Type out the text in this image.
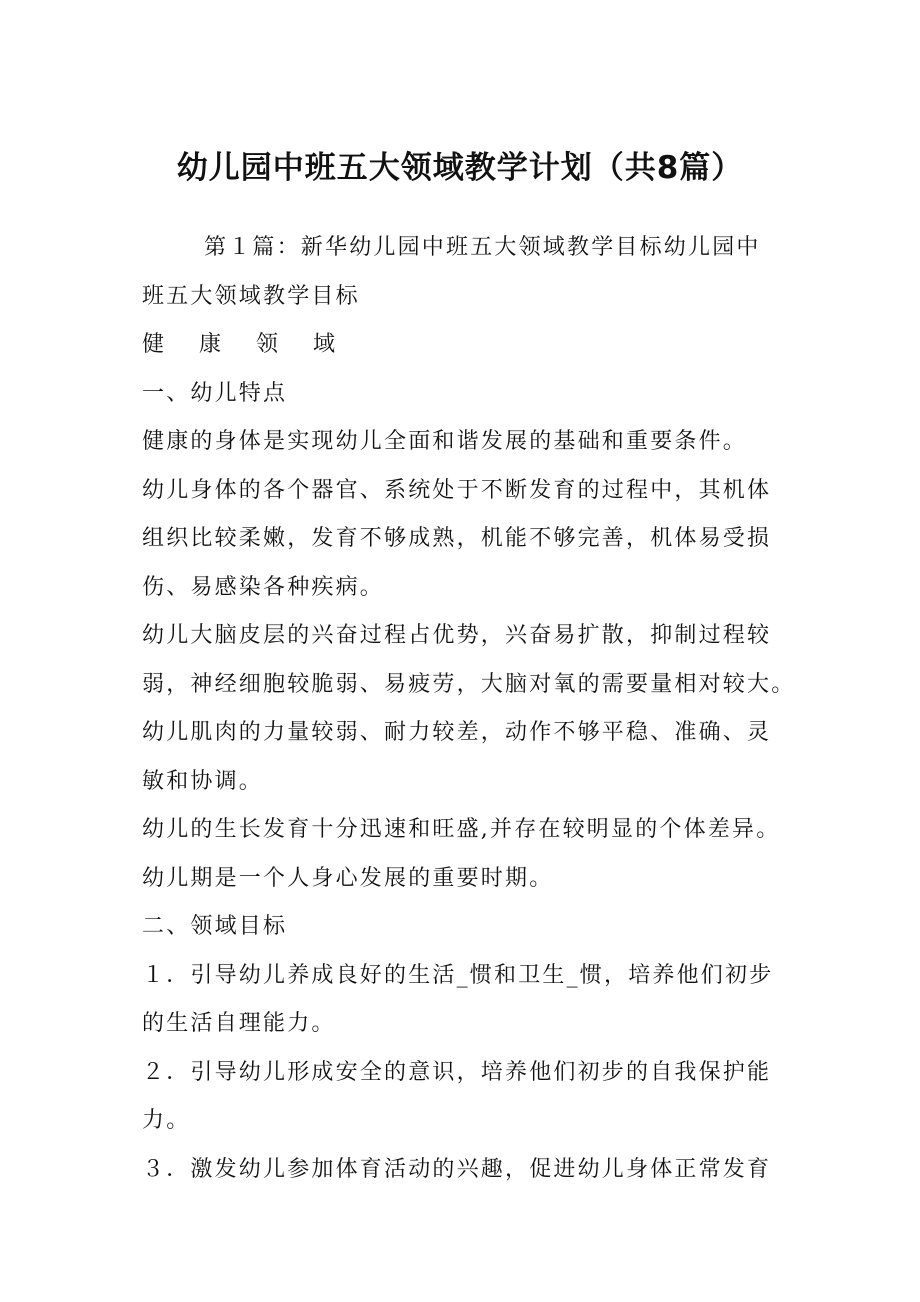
幼儿园中班五大领域教学计划（共8篇）

第１篇：新华幼儿园中班五大领域教学目标幼儿园中

班五大领域教学目标

健 康 领 域

一、幼儿特点

健康的身体是实现幼儿全面和谐发展的基础和重要条件。

幼儿身体的各个器官、系统处于不断发育的过程中，其机体

组织比较柔嫩，发育不够成熟，机能不够完善，机体易受损

伤、易感染各种疾病。

幼儿大脑皮层的兴奋过程占优势，兴奋易扩散，抑制过程较

弱，神经细胞较脆弱、易疲劳，大脑对氧的需要量相对较大。

幼儿肌肉的力量较弱、耐力较差，动作不够平稳、准确、灵

敏和协调。

幼儿的生长发育十分迅速和旺盛,并存在较明显的个体差异。

幼儿期是一个人身心发展的重要时期。

二、领域目标

１．引导幼儿养成良好的生活_惯和卫生_惯，培养他们初步

的生活自理能力。

２．引导幼儿形成安全的意识，培养他们初步的自我保护能

力。

３．激发幼儿参加体育活动的兴趣，促进幼儿身体正常发育
